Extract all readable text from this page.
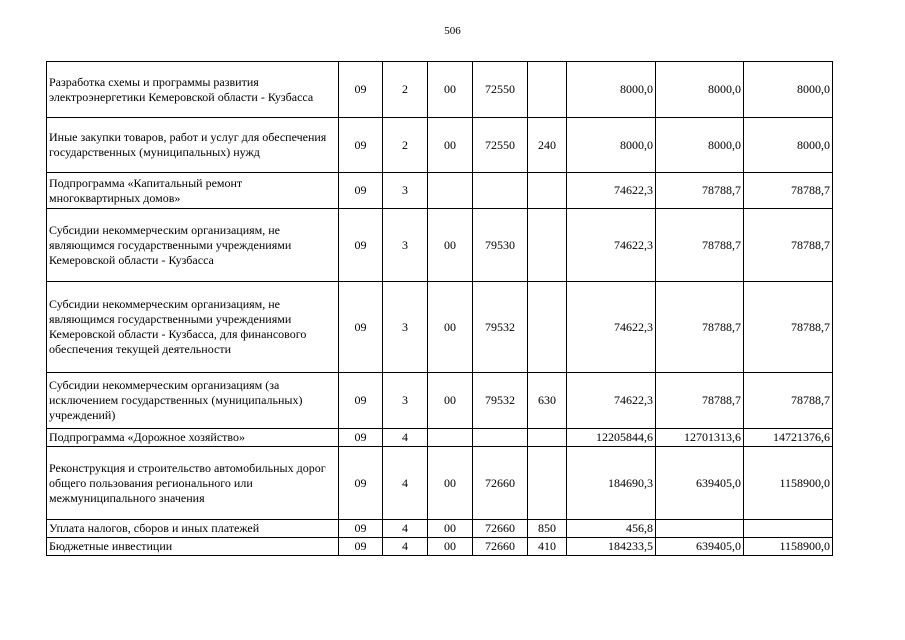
506
Разработка схемы и программы развития электроэнергетики Кемеровской области - Кузбасса	09	2	00	72550		8000,0	8000,0	8000,0
Иные закупки товаров, работ и услуг для обеспечения государственных (муниципальных) нужд	09	2	00	72550	240	8000,0	8000,0	8000,0
Подпрограмма «Капитальный ремонт многоквартирных домов»	09	3				74622,3	78788,7	78788,7
Субсидии некоммерческим организациям, не являющимся государственными учреждениями Кемеровской области - Кузбасса	09	3	00	79530		74622,3	78788,7	78788,7
Субсидии некоммерческим организациям, не являющимся государственными учреждениями Кемеровской области - Кузбасса, для финансового обеспечения текущей деятельности	09	3	00	79532		74622,3	78788,7	78788,7
Субсидии некоммерческим организациям (за исключением государственных (муниципальных) учреждений)	09	3	00	79532	630	74622,3	78788,7	78788,7
Подпрограмма «Дорожное хозяйство»	09	4				12205844,6	12701313,6	14721376,6
Реконструкция и строительство автомобильных дорог общего пользования регионального или межмуниципального значения	09	4	00	72660		184690,3	639405,0	1158900,0
Уплата налогов, сборов и иных платежей	09	4	00	72660	850	456,8		
Бюджетные инвестиции	09	4	00	72660	410	184233,5	639405,0	1158900,0
